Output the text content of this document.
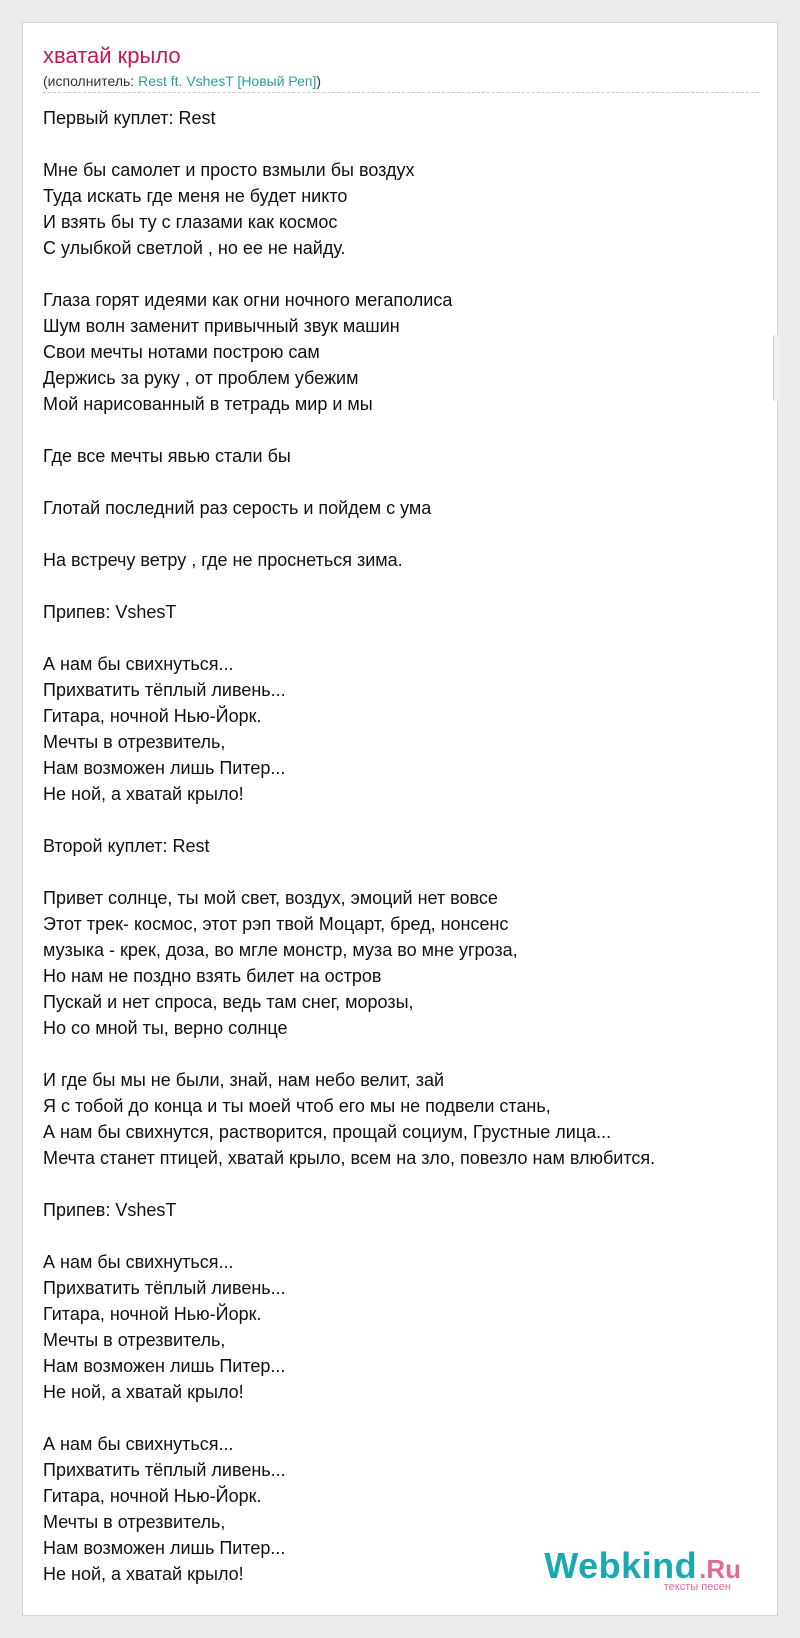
хватай крыло
(исполнитель: Rest ft. VshesT [Новый Реп])
Первый куплет: Rest
Мне бы самолет и просто взмыли бы воздух
Туда искать где меня не будет никто
И взять бы ту с глазами как космос
С улыбкой светлой , но ее не найду.
Глаза горят идеями как огни ночного мегаполиса
Шум волн заменит привычный звук машин
Свои мечты нотами построю сам
Держись за руку , от проблем убежим
Мой нарисованный в тетрадь мир и мы
Где все мечты явью стали бы
Глотай последний раз серость и пойдем с ума
На встречу ветру , где не проснеться зима.
Припев: VshesT
А нам бы свихнуться...
Прихватить тёплый ливень...
Гитара, ночной Нью-Йорк.
Мечты в отрезвитель,
Нам возможен лишь Питер...
Не ной, а хватай крыло!
Второй куплет: Rest
Привет солнце, ты мой свет, воздух, эмоций нет вовсе
Этот трек- космос, этот рэп твой Моцарт, бред, нонсенс
музыка - крек, доза, во мгле монстр, муза во мне угроза,
Но нам не поздно взять билет на остров
Пускай и нет спроса, ведь там снег, морозы,
Но со мной ты, верно солнце
И где бы мы не были, знай, нам небо велит, зай
Я с тобой до конца и ты моей чтоб его мы не подвели стань,
А нам бы свихнутся, растворится, прощай социум, Грустные лица...
Мечта станет птицей, хватай крыло, всем на зло, повезло нам влюбится.
Припев: VshesT
А нам бы свихнуться...
Прихватить тёплый ливень...
Гитара, ночной Нью-Йорк.
Мечты в отрезвитель,
Нам возможен лишь Питер...
Не ной, а хватай крыло!
А нам бы свихнуться...
Прихватить тёплый ливень...
Гитара, ночной Нью-Йорк.
Мечты в отрезвитель,
Нам возможен лишь Питер...
Не ной, а хватай крыло!	Webkind.Ru
тексты песен
